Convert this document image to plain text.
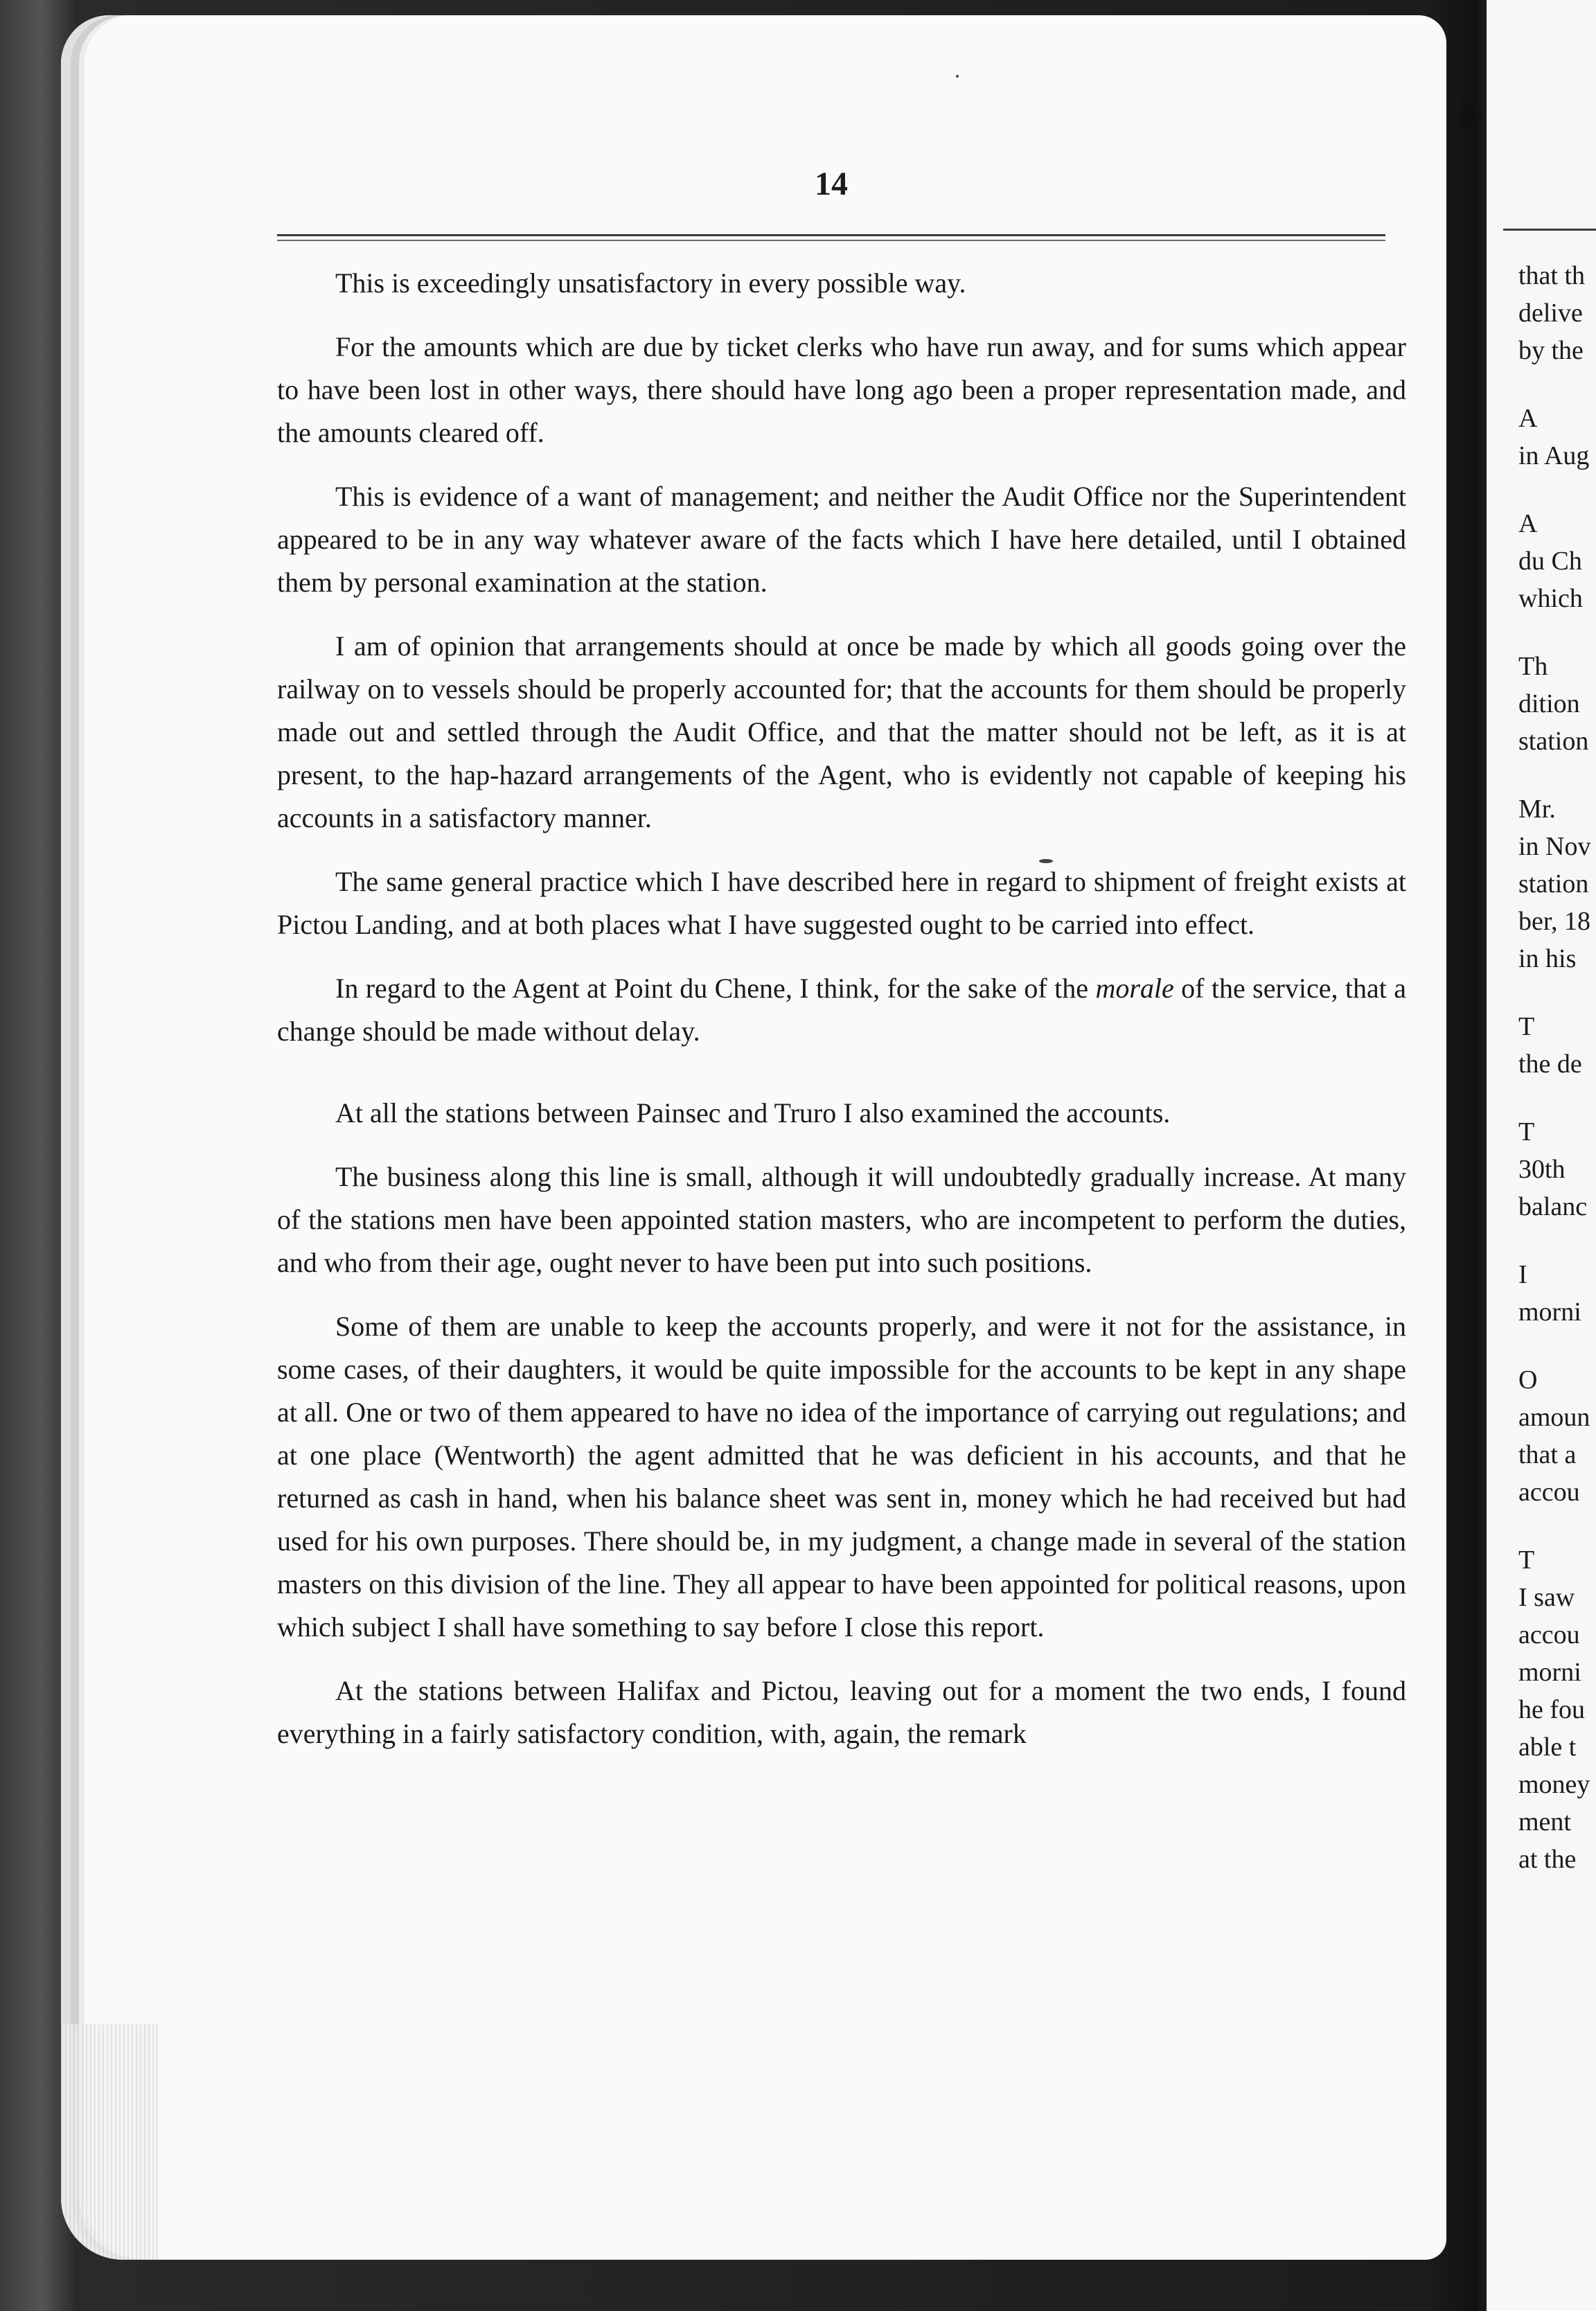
14

This is exceedingly unsatisfactory in every possible way.

For the amounts which are due by ticket clerks who have run away, and for sums which appear to have been lost in other ways, there should have long ago been a proper representation made, and the amounts cleared off.

This is evidence of a want of management; and neither the Audit Office nor the Superintendent appeared to be in any way whatever aware of the facts which I have here detailed, until I obtained them by personal examination at the station.

I am of opinion that arrangements should at once be made by which all goods going over the railway on to vessels should be properly accounted for; that the accounts for them should be properly made out and settled through the Audit Office, and that the matter should not be left, as it is at present, to the hap-hazard arrangements of the Agent, who is evidently not capable of keeping his accounts in a satisfactory manner.

The same general practice which I have described here in regard to shipment of freight exists at Pictou Landing, and at both places what I have suggested ought to be carried into effect.

In regard to the Agent at Point du Chene, I think, for the sake of the morale of the service, that a change should be made without delay.

At all the stations between Painsec and Truro I also examined the accounts.

The business along this line is small, although it will undoubtedly gradually increase. At many of the stations men have been appointed station masters, who are incompetent to perform the duties, and who from their age, ought never to have been put into such positions.

Some of them are unable to keep the accounts properly, and were it not for the assistance, in some cases, of their daughters, it would be quite impossible for the accounts to be kept in any shape at all. One or two of them appeared to have no idea of the importance of carrying out regulations; and at one place (Wentworth) the agent admitted that he was deficient in his accounts, and that he returned as cash in hand, when his balance sheet was sent in, money which he had received but had used for his own purposes. There should be, in my judgment, a change made in several of the station masters on this division of the line. They all appear to have been appointed for political reasons, upon which subject I shall have something to say before I close this report.

At the stations between Halifax and Pictou, leaving out for a moment the two ends, I found everything in a fairly satisfactory condition, with, again, the remark

that th
delive
by the
A
in Aug
A
du Ch
which
Th
dition
station
Mr.
in Nov
station
ber, 18
in his
T
the de
T
30th
balanc
I
morni
O
amoun
that a
accou
T
I saw
accou
morni
he fou
able t
money
ment
at the
